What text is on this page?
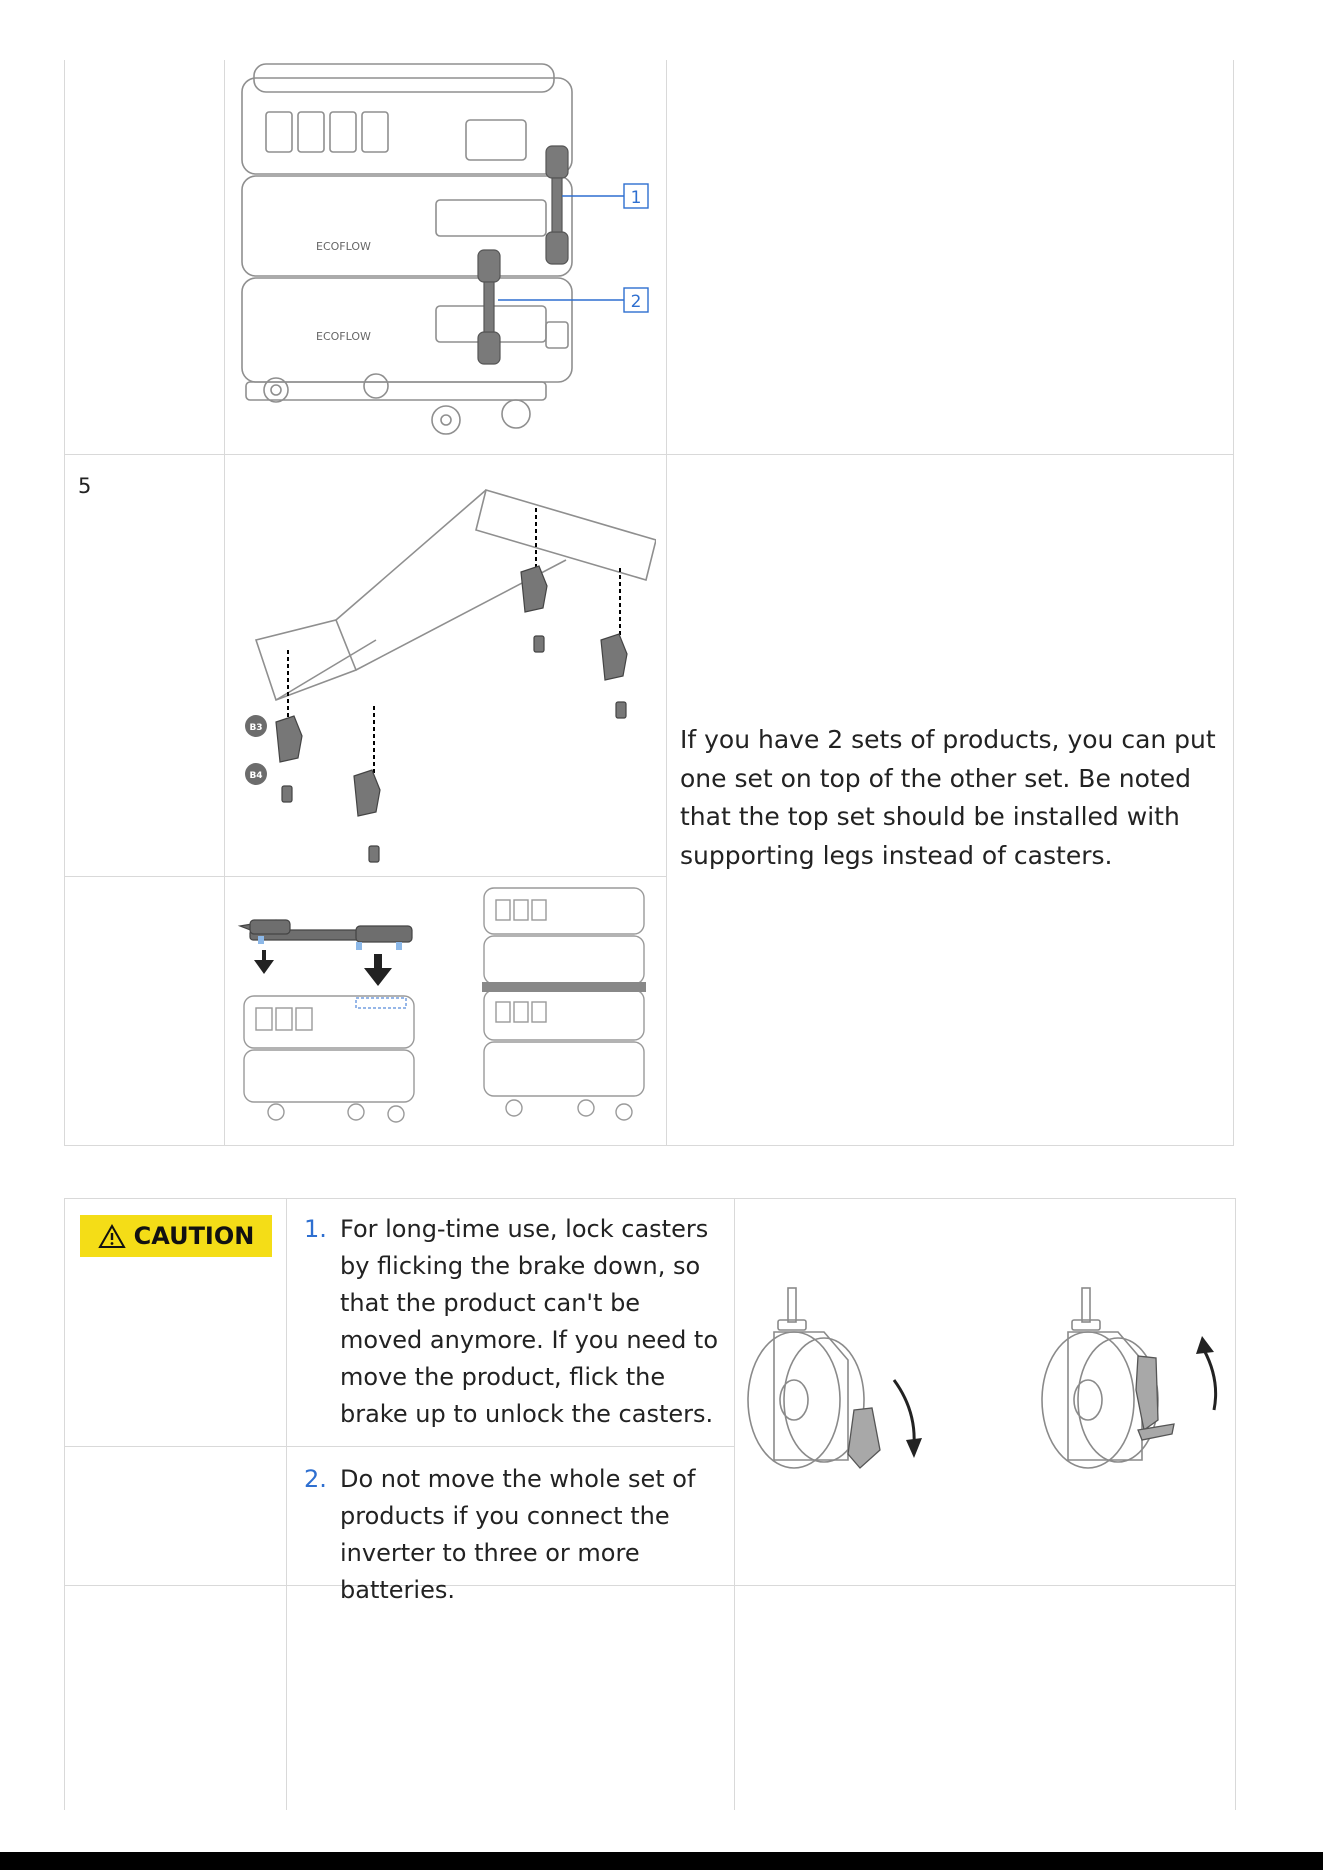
ECOFLOW
ECOFLOW
1
2
5
B3
B4
If you have 2 sets of products, you can put one set on top of the other set. Be noted that the top set should be installed with supporting legs instead of casters.
CAUTION 1. For long-time use, lock casters by flicking the brake down, so that the product can't be moved anymore. If you need to move the product, flick the brake up to unlock the casters.
2. Do not move the whole set of products if you connect the inverter to three or more batteries.
